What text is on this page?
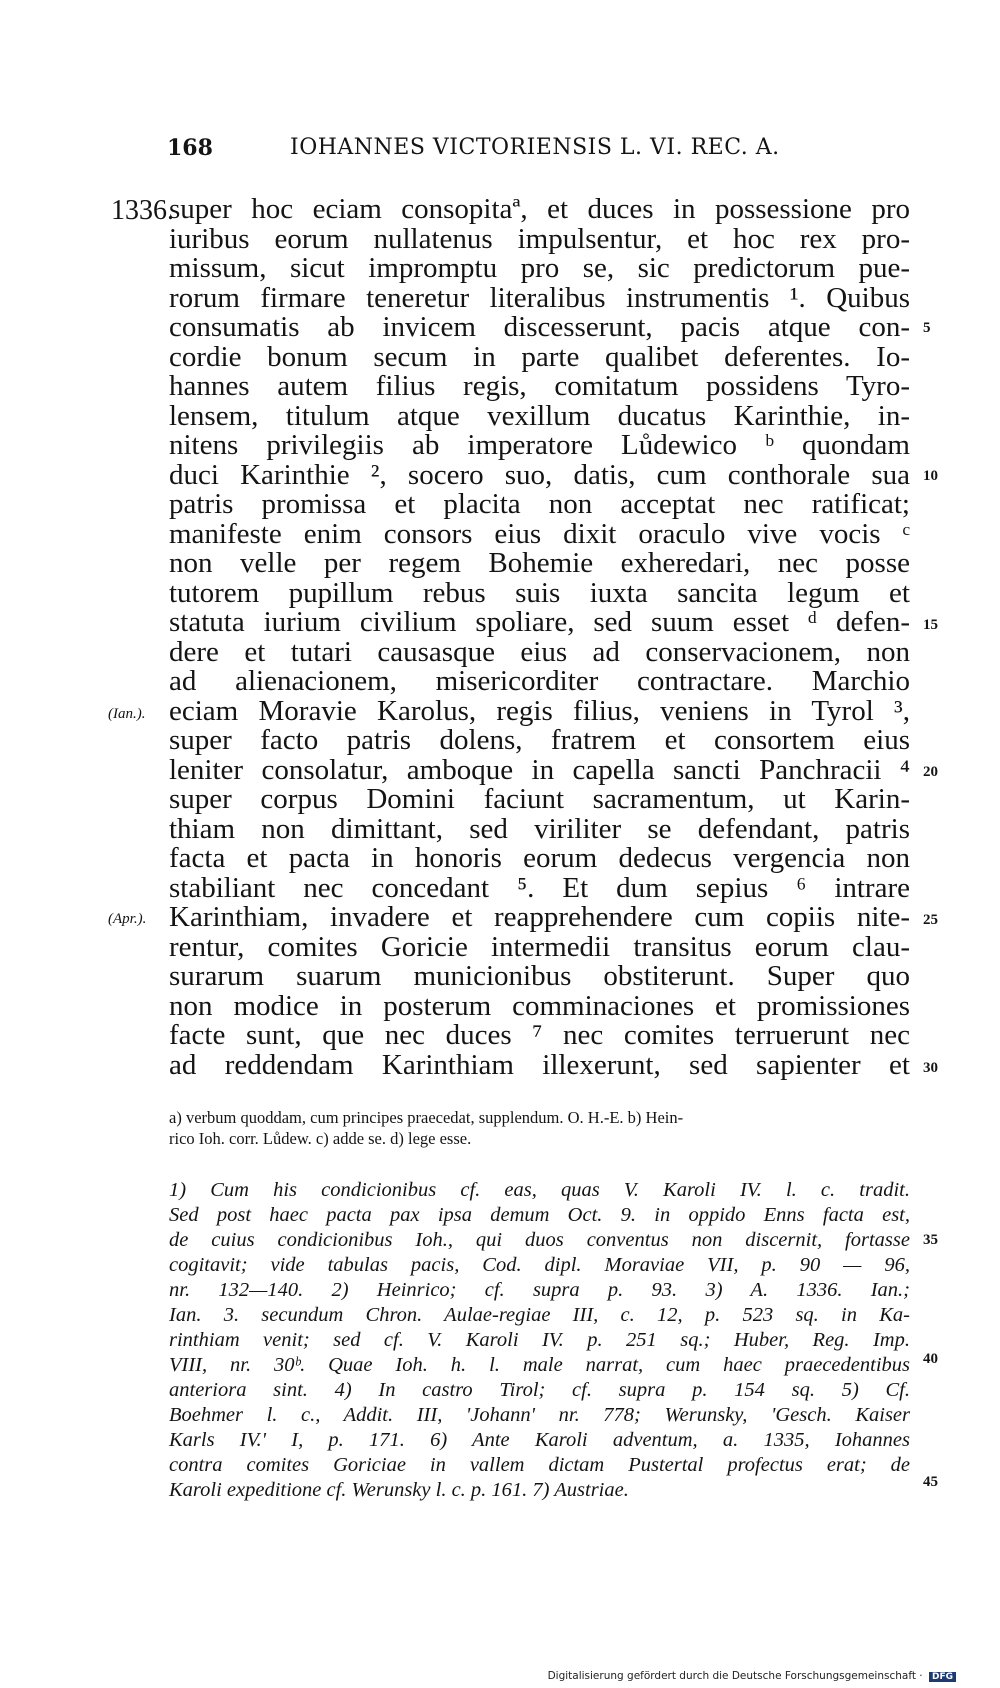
168	IOHANNES VICTORIENSIS L. VI. REC. A.
1336.
(Ian.).
(Apr.).
super hoc eciam consopitaª, et duces in possessione pro
iuribus eorum nullatenus impulsentur, et hoc rex pro-
missum, sicut impromptu pro se, sic predictorum pue-
rorum firmare teneretur literalibus instrumentis ¹. Quibus
consumatis ab invicem discesserunt, pacis atque con-
cordie bonum secum in parte qualibet deferentes. Io-
hannes autem filius regis, comitatum possidens Tyro-
lensem, titulum atque vexillum ducatus Karinthie, in-
nitens privilegiis ab imperatore Lůdewico ᵇ quondam
duci Karinthie ², socero suo, datis, cum conthorale sua
patris promissa et placita non acceptat nec ratificat;
manifeste enim consors eius dixit oraculo vive vocis ᶜ
non velle per regem Bohemie exheredari, nec posse
tutorem pupillum rebus suis iuxta sancita legum et
statuta iurium civilium spoliare, sed suum esset ᵈ defen-
dere et tutari causasque eius ad conservacionem, non
ad alienacionem, misericorditer contractare. Marchio
eciam Moravie Karolus, regis filius, veniens in Tyrol ³,
super facto patris dolens, fratrem et consortem eius
leniter consolatur, amboque in capella sancti Panchracii ⁴
super corpus Domini faciunt sacramentum, ut Karin-
thiam non dimittant, sed viriliter se defendant, patris
facta et pacta in honoris eorum dedecus vergencia non
stabiliant nec concedant ⁵. Et dum sepius ⁶ intrare
Karinthiam, invadere et reapprehendere cum copiis nite-
rentur, comites Goricie intermedii transitus eorum clau-
surarum suarum municionibus obstiterunt. Super quo
non modice in posterum comminaciones et promissiones
facte sunt, que nec duces ⁷ nec comites terruerunt nec
ad reddendam Karinthiam illexerunt, sed sapienter et
5
10
15
20
25
30
35
40
45
a) verbum quoddam, cum principes praecedat, supplendum. O. H.-E. b) Hein-
rico Ioh. corr. Lůdew. c) adde se. d) lege esse.
1) Cum his condicionibus cf. eas, quas V. Karoli IV. l. c. tradit.
Sed post haec pacta pax ipsa demum Oct. 9. in oppido Enns facta est,
de cuius condicionibus Ioh., qui duos conventus non discernit, fortasse
cogitavit; vide tabulas pacis, Cod. dipl. Moraviae VII, p. 90 — 96,
nr. 132—140. 2) Heinrico; cf. supra p. 93. 3) A. 1336. Ian.;
Ian. 3. secundum Chron. Aulae-regiae III, c. 12, p. 523 sq. in Ka-
rinthiam venit; sed cf. V. Karoli IV. p. 251 sq.; Huber, Reg. Imp.
VIII, nr. 30ᵇ. Quae Ioh. h. l. male narrat, cum haec praecedentibus
anteriora sint. 4) In castro Tirol; cf. supra p. 154 sq. 5) Cf.
Boehmer l. c., Addit. III, 'Johann' nr. 778; Werunsky, 'Gesch. Kaiser
Karls IV.' I, p. 171. 6) Ante Karoli adventum, a. 1335, Iohannes
contra comites Goriciae in vallem dictam Pustertal profectus erat; de
Karoli expeditione cf. Werunsky l. c. p. 161. 7) Austriae.
Digitalisierung gefördert durch die Deutsche Forschungsgemeinschaft · DFG
